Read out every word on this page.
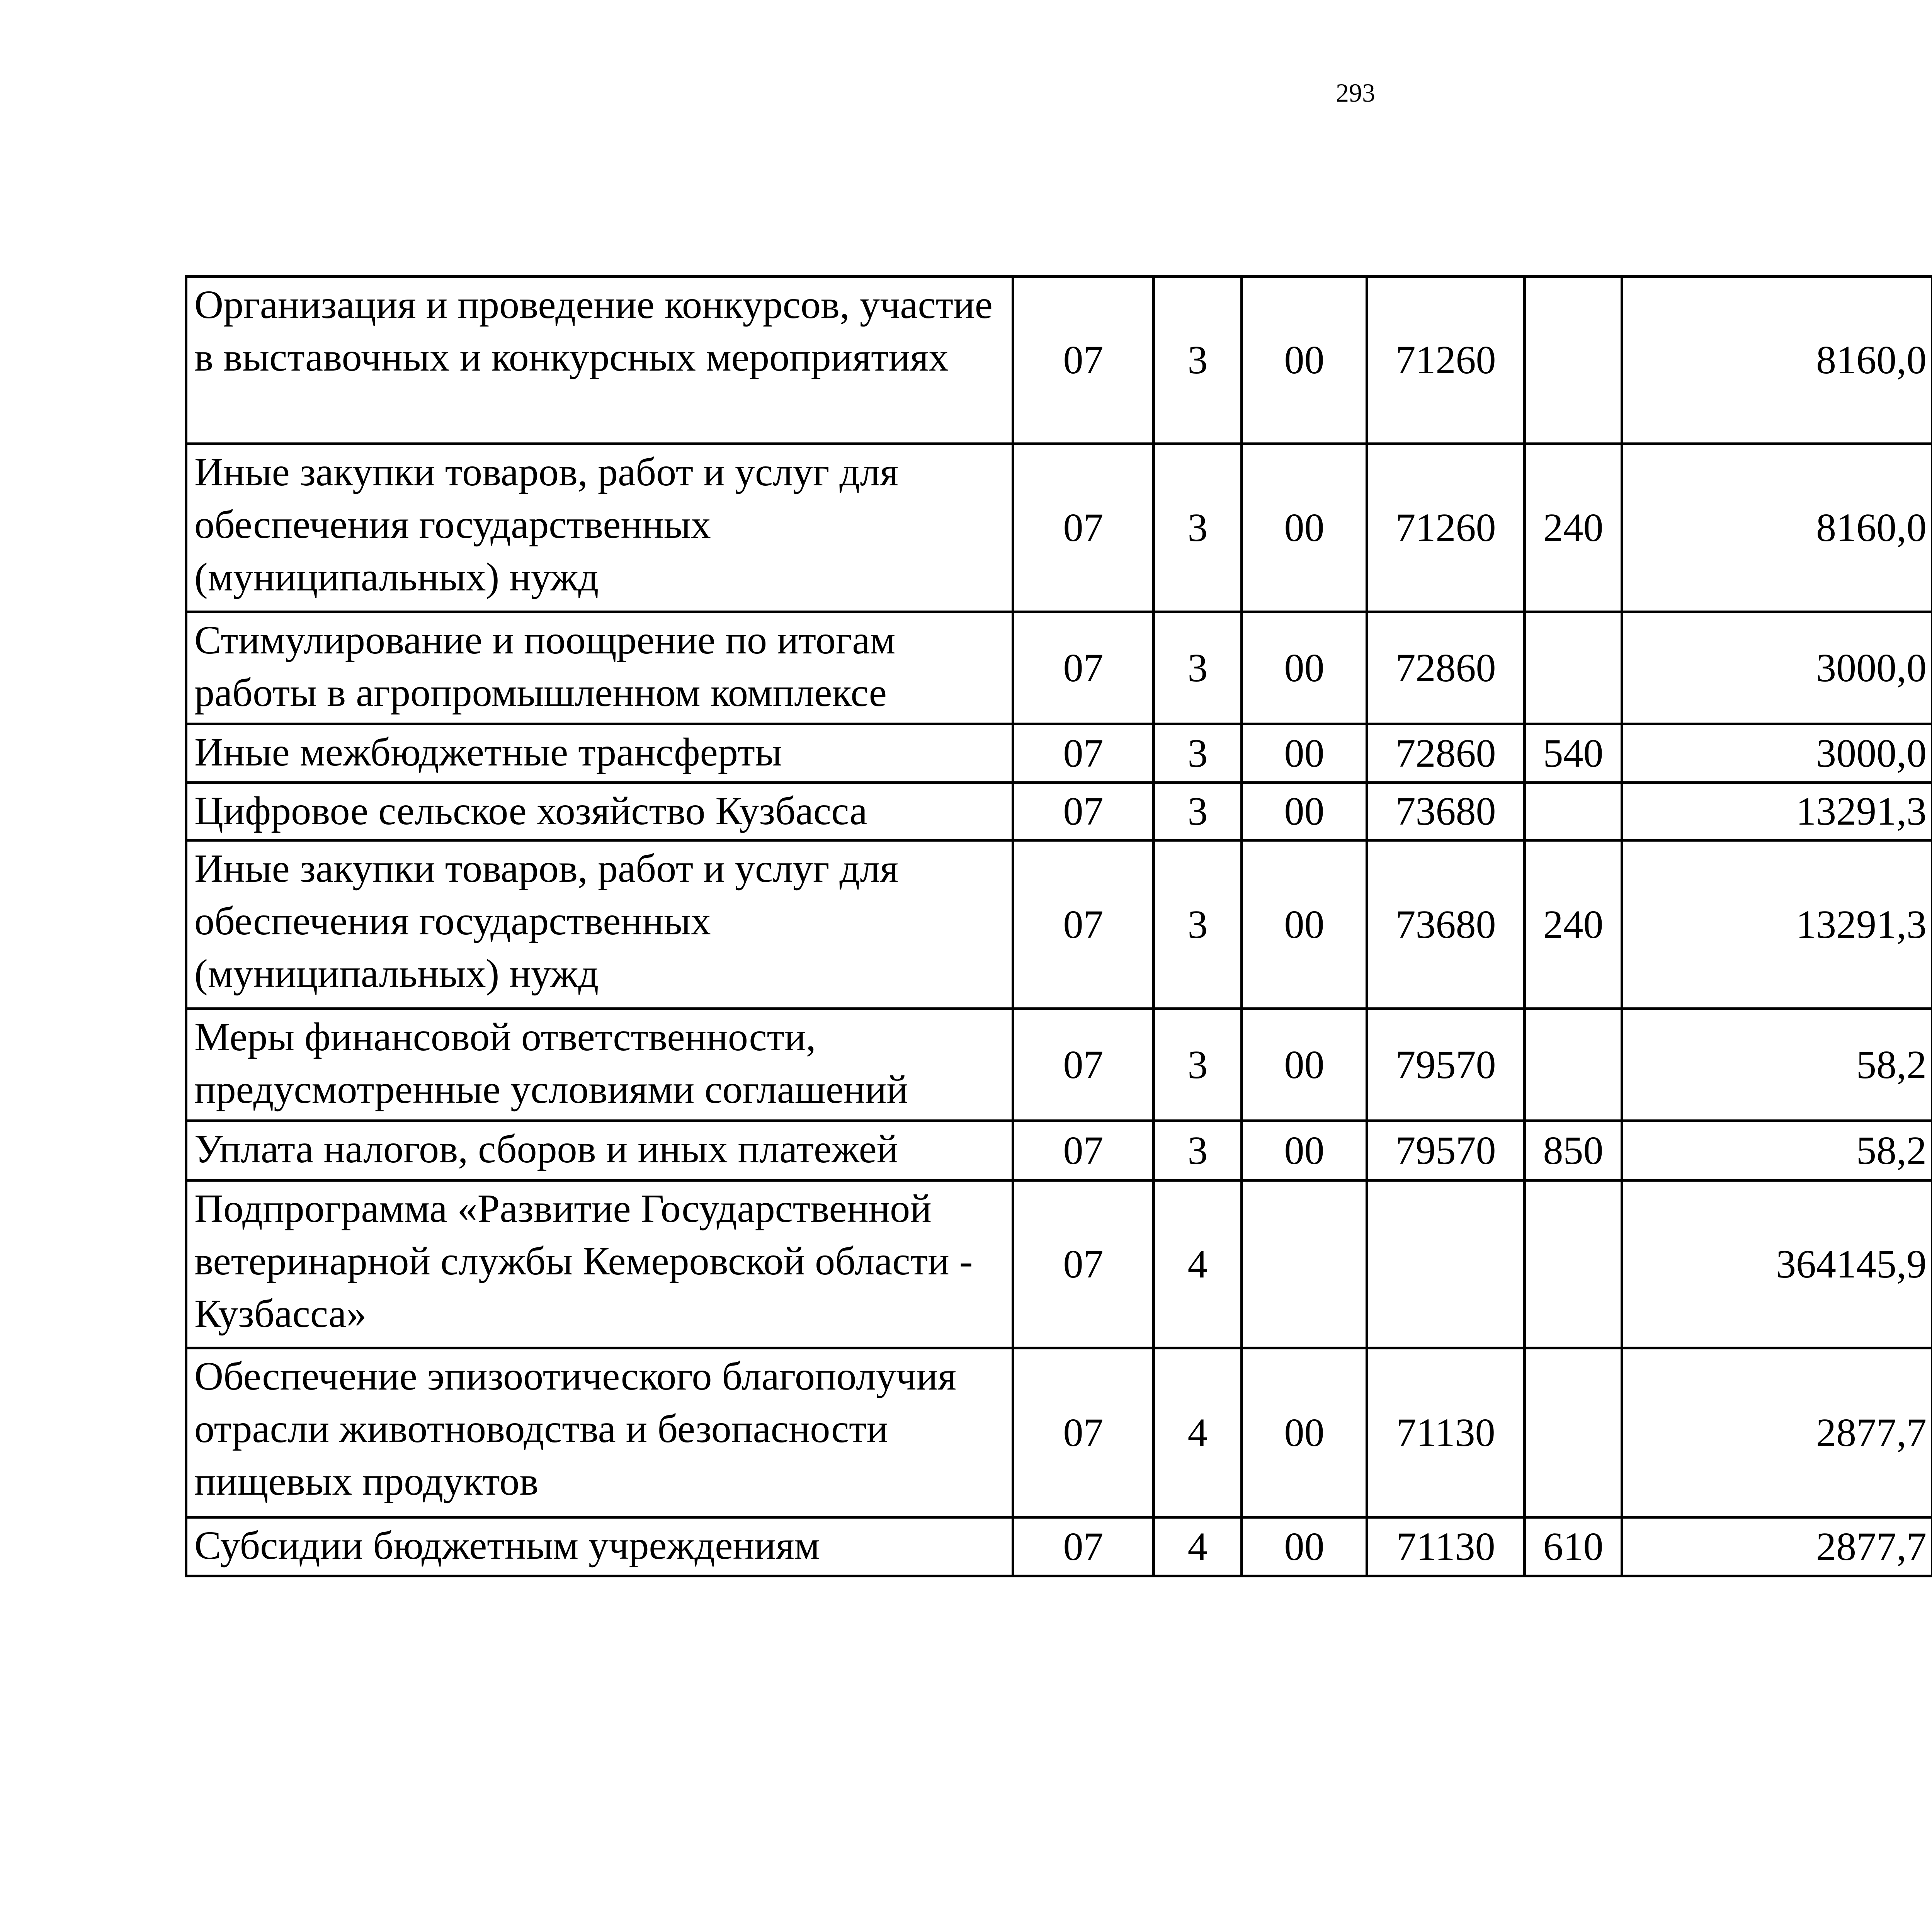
293
Организация и проведение конкурсов, участие в выставочных и конкурсных мероприятиях	07	3	00	71260		8160,0		
Иные закупки товаров, работ и услуг для обеспечения государственных (муниципальных) нужд	07	3	00	71260	240	8160,0		
Стимулирование и поощрение по итогам работы в агропромышленном комплексе	07	3	00	72860		3000,0		
Иные межбюджетные трансферты	07	3	00	72860	540	3000,0		
Цифровое сельское хозяйство Кузбасса	07	3	00	73680		13291,3		
Иные закупки товаров, работ и услуг для обеспечения государственных (муниципальных) нужд	07	3	00	73680	240	13291,3		
Меры финансовой ответственности, предусмотренные условиями соглашений	07	3	00	79570		58,2		
Уплата налогов, сборов и иных платежей	07	3	00	79570	850	58,2		
Подпрограмма «Развитие Государственной ветеринарной службы Кемеровской области - Кузбасса»	07	4				364145,9		
Обеспечение эпизоотического благополучия отрасли животноводства и безопасности пищевых продуктов	07	4	00	71130		2877,7		
Субсидии бюджетным учреждениям	07	4	00	71130	610	2877,7		
